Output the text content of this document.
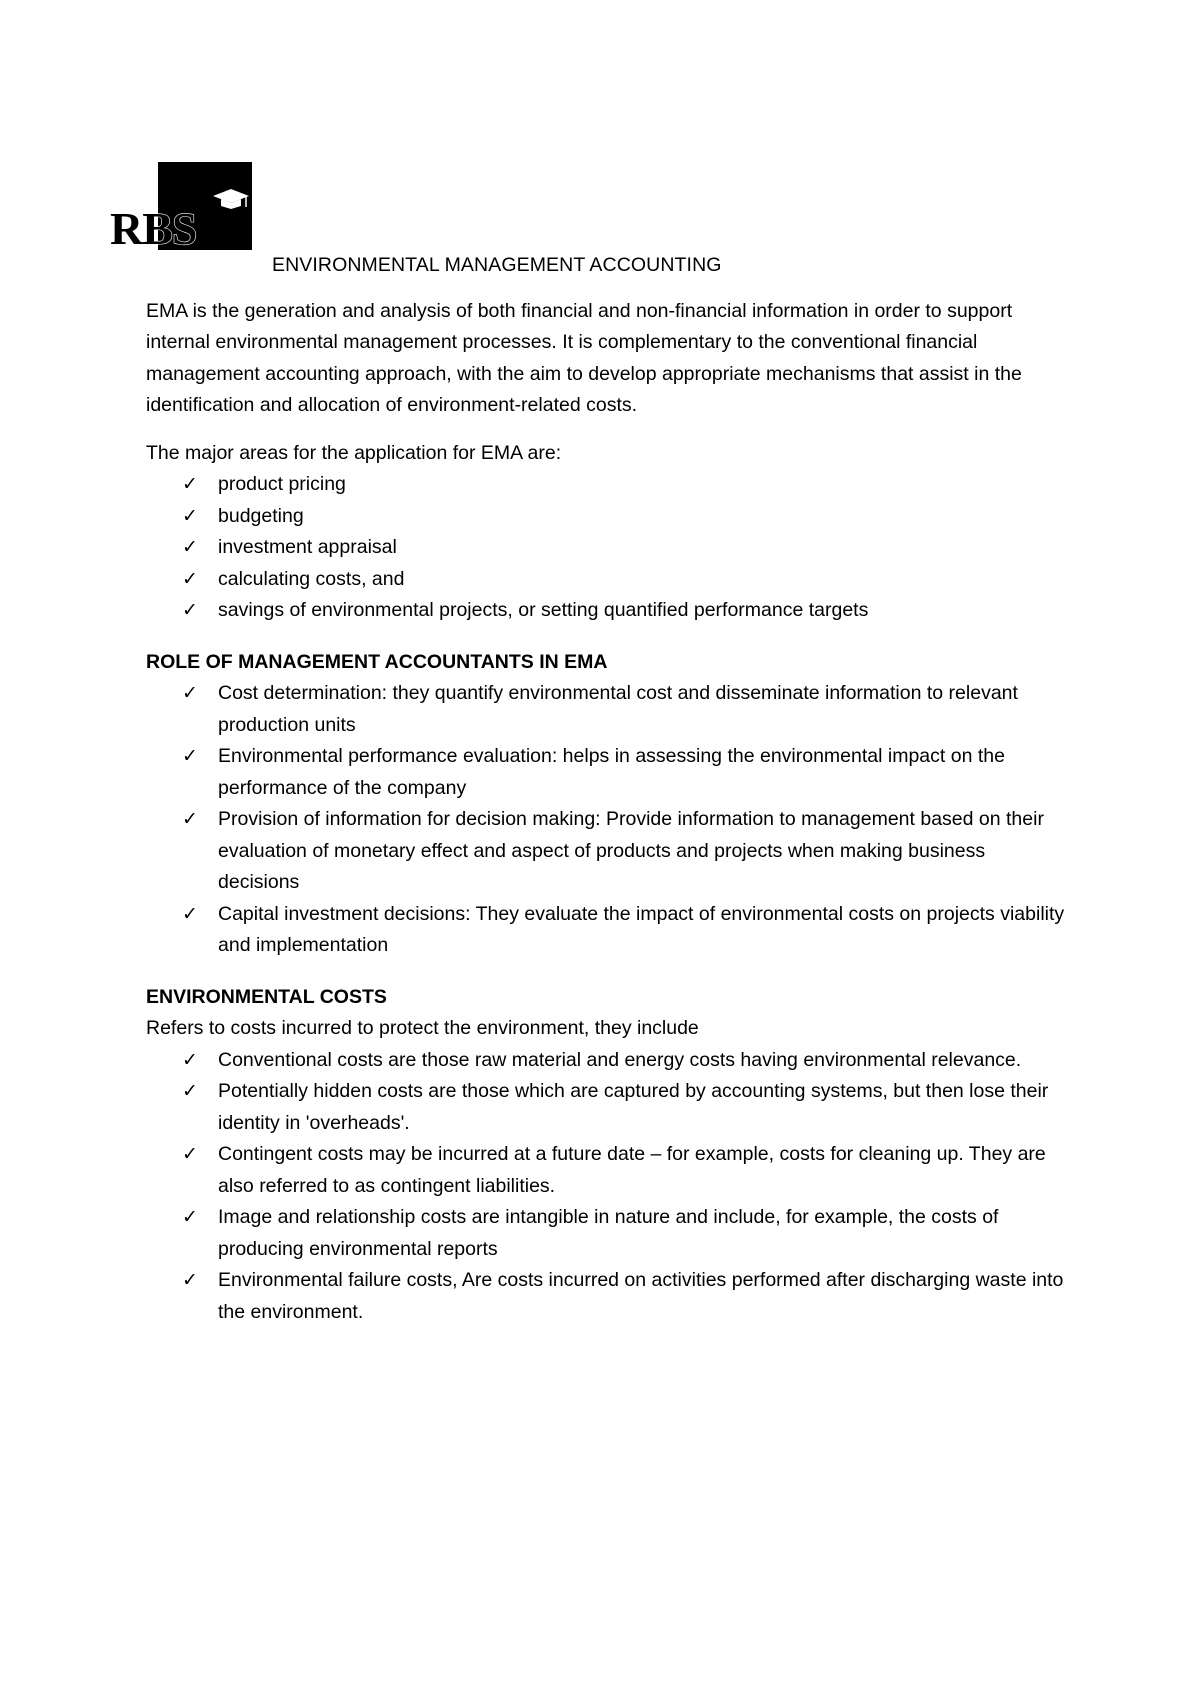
RBS
ENVIRONMENTAL MANAGEMENT ACCOUNTING

EMA is the generation and analysis of both financial and non-financial information in order to support internal environmental management processes. It is complementary to the conventional financial management accounting approach, with the aim to develop appropriate mechanisms that assist in the identification and allocation of environment-related costs.

The major areas for the application for EMA are:

✓ product pricing
✓ budgeting
✓ investment appraisal
✓ calculating costs, and
✓ savings of environmental projects, or setting quantified performance targets

ROLE OF MANAGEMENT ACCOUNTANTS IN EMA

✓ Cost determination: they quantify environmental cost and disseminate information to relevant production units
✓ Environmental performance evaluation: helps in assessing the environmental impact on the performance of the company
✓ Provision of information for decision making: Provide information to management based on their evaluation of monetary effect and aspect of products and projects when making business decisions
✓ Capital investment decisions: They evaluate the impact of environmental costs on projects viability and implementation

ENVIRONMENTAL COSTS

Refers to costs incurred to protect the environment, they include

✓ Conventional costs are those raw material and energy costs having environmental relevance.
✓ Potentially hidden costs are those which are captured by accounting systems, but then lose their identity in 'overheads'.
✓ Contingent costs may be incurred at a future date – for example, costs for cleaning up. They are also referred to as contingent liabilities.
✓ Image and relationship costs are intangible in nature and include, for example, the costs of producing environmental reports
✓ Environmental failure costs, Are costs incurred on activities performed after discharging waste into the environment.
